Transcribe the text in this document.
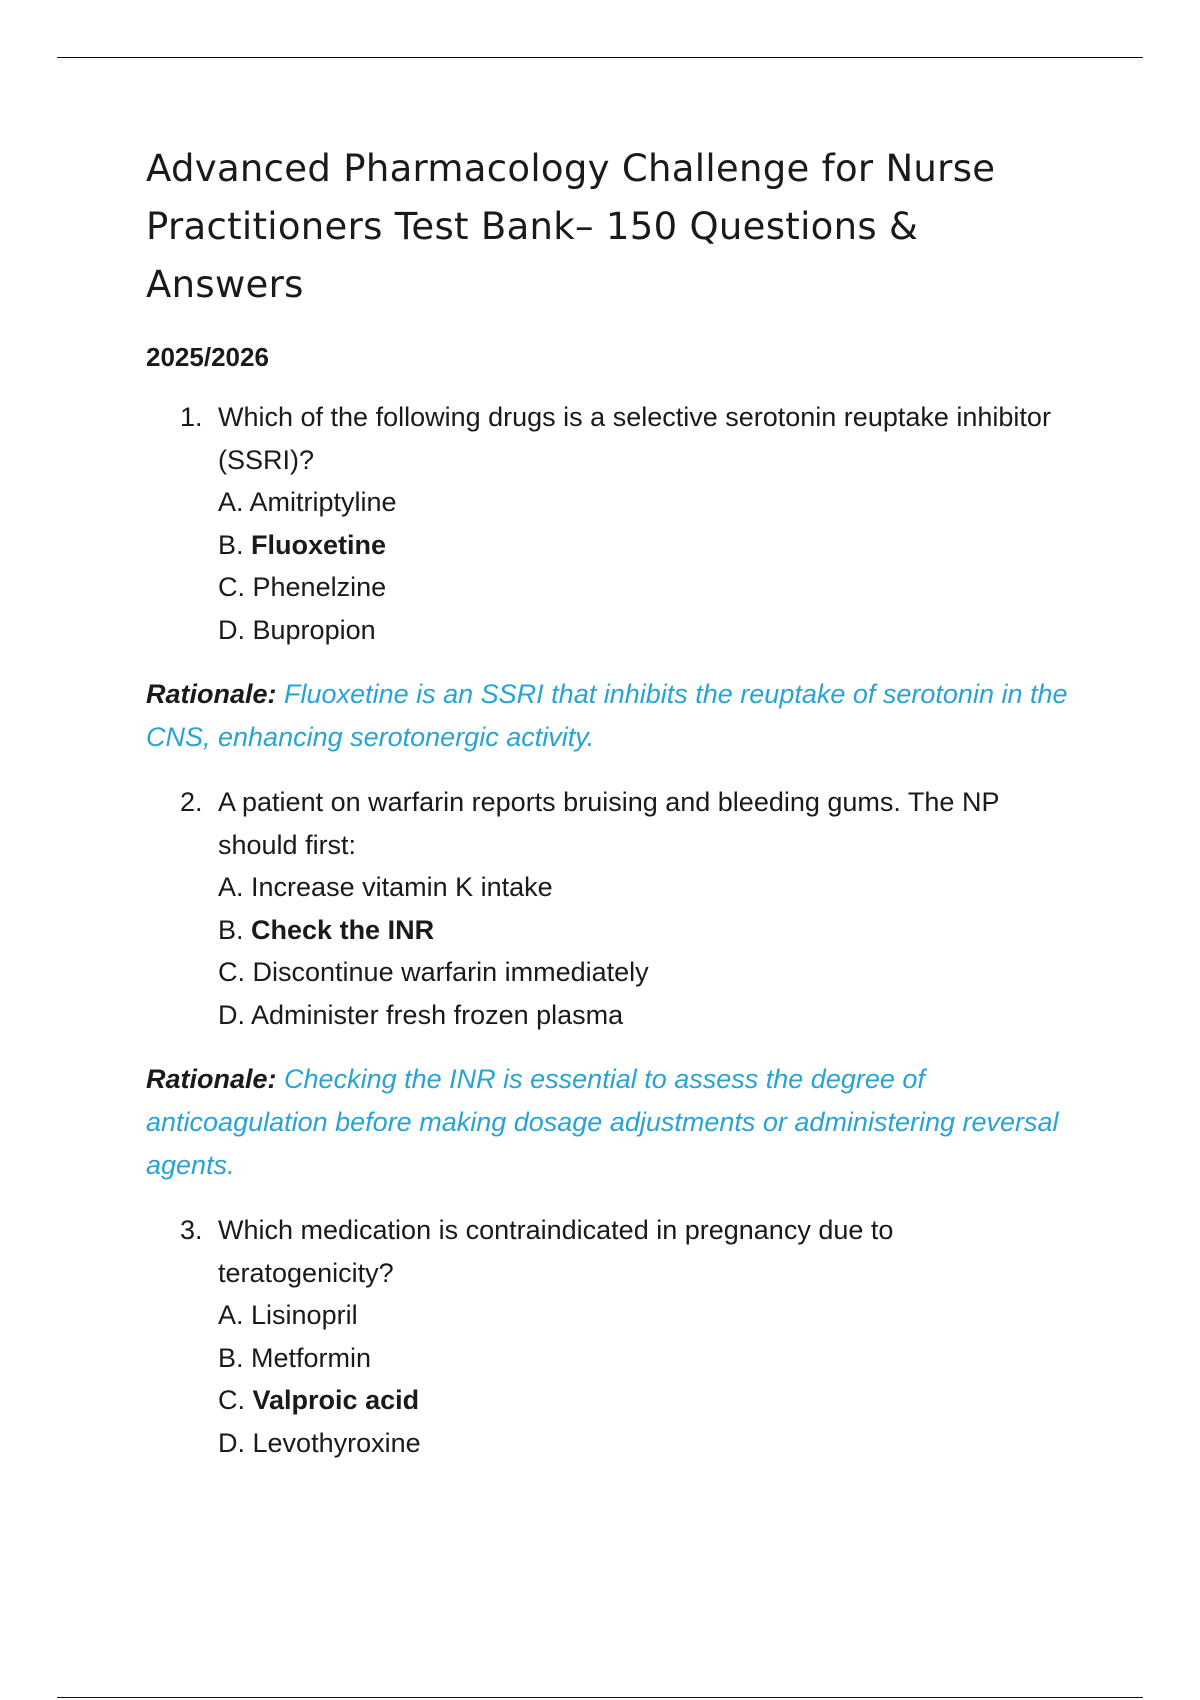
Advanced Pharmacology Challenge for Nurse Practitioners Test Bank– 150 Questions & Answers
2025/2026
1. Which of the following drugs is a selective serotonin reuptake inhibitor (SSRI)?
A. Amitriptyline
B. Fluoxetine
C. Phenelzine
D. Bupropion
Rationale: Fluoxetine is an SSRI that inhibits the reuptake of serotonin in the CNS, enhancing serotonergic activity.
2. A patient on warfarin reports bruising and bleeding gums. The NP should first:
A. Increase vitamin K intake
B. Check the INR
C. Discontinue warfarin immediately
D. Administer fresh frozen plasma
Rationale: Checking the INR is essential to assess the degree of anticoagulation before making dosage adjustments or administering reversal agents.
3. Which medication is contraindicated in pregnancy due to teratogenicity?
A. Lisinopril
B. Metformin
C. Valproic acid
D. Levothyroxine
